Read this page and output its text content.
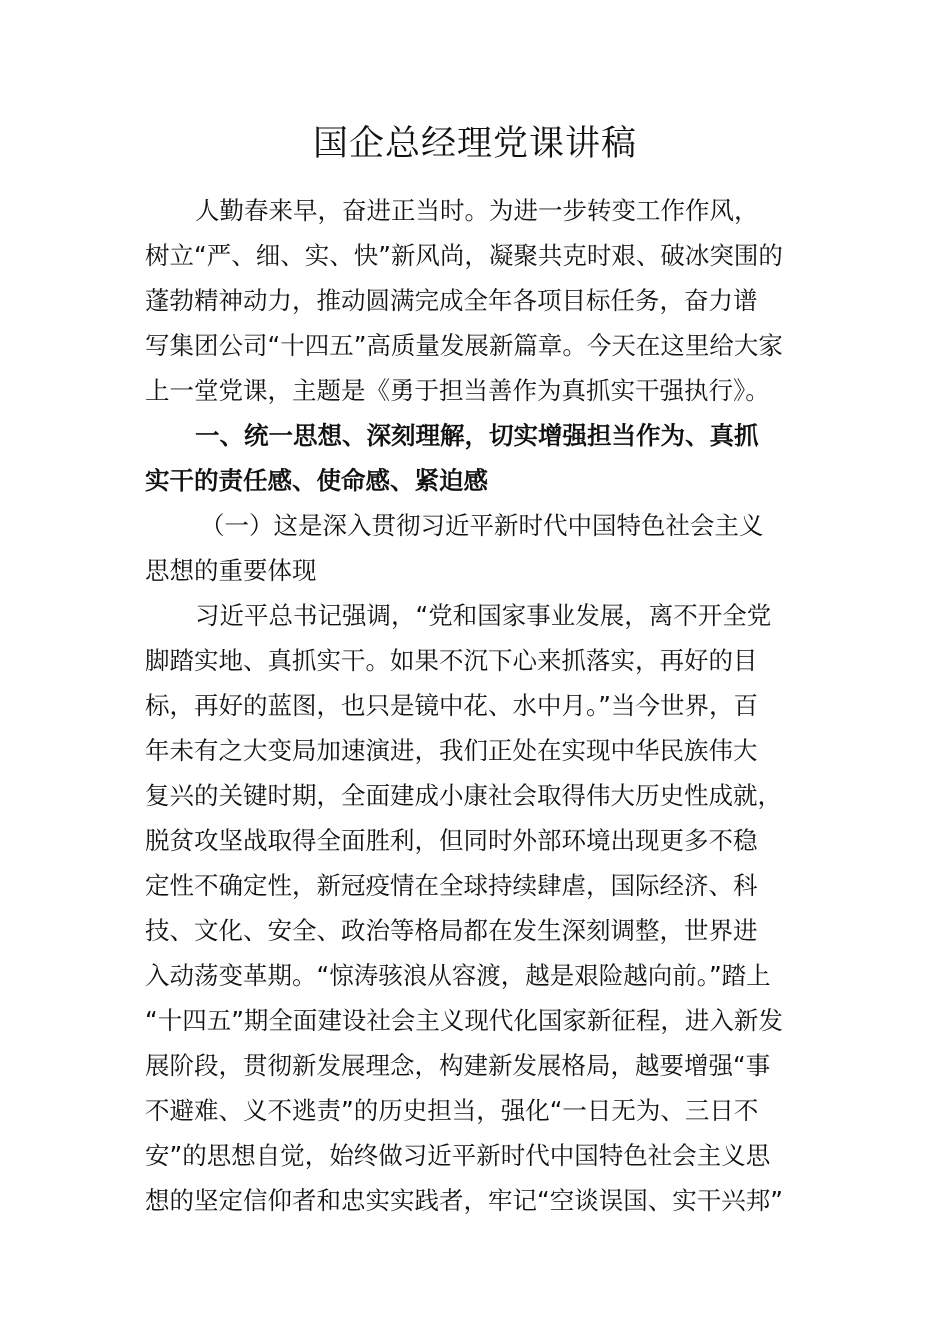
国企总经理党课讲稿
人勤春来早，奋进正当时。为进一步转变工作作风，
树立“严、细、实、快”新风尚，凝聚共克时艰、破冰突围的
蓬勃精神动力，推动圆满完成全年各项目标任务，奋力谱
写集团公司“十四五”高质量发展新篇章。今天在这里给大家
上一堂党课，主题是《勇于担当善作为真抓实干强执行》。
一、统一思想、深刻理解，切实增强担当作为、真抓
实干的责任感、使命感、紧迫感
（一）这是深入贯彻习近平新时代中国特色社会主义
思想的重要体现
习近平总书记强调，“党和国家事业发展，离不开全党
脚踏实地、真抓实干。如果不沉下心来抓落实，再好的目
标，再好的蓝图，也只是镜中花、水中月。”当今世界，百
年未有之大变局加速演进，我们正处在实现中华民族伟大
复兴的关键时期，全面建成小康社会取得伟大历史性成就，
脱贫攻坚战取得全面胜利，但同时外部环境出现更多不稳
定性不确定性，新冠疫情在全球持续肆虐，国际经济、科
技、文化、安全、政治等格局都在发生深刻调整，世界进
入动荡变革期。“惊涛骇浪从容渡，越是艰险越向前。”踏上
“十四五”期全面建设社会主义现代化国家新征程，进入新发
展阶段，贯彻新发展理念，构建新发展格局，越要增强“事
不避难、义不逃责”的历史担当，强化“一日无为、三日不
安”的思想自觉，始终做习近平新时代中国特色社会主义思
想的坚定信仰者和忠实实践者，牢记“空谈误国、实干兴邦”
